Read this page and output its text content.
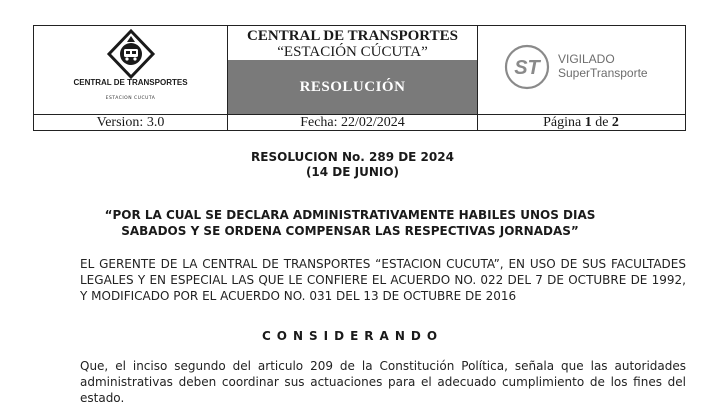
CENTRAL DE TRANSPORTES
ESTACION CUCUTA
CENTRAL DE TRANSPORTES
“ESTACIÓN CÚCUTA”
RESOLUCIÓN
ST VIGILADO
SuperTransporte
Version: 3.0	Fecha: 22/02/2024	Página 1 de 2
RESOLUCION No. 289 DE 2024
(14 DE JUNIO)
“POR LA CUAL SE DECLARA ADMINISTRATIVAMENTE HABILES UNOS DIAS
SABADOS Y SE ORDENA COMPENSAR LAS RESPECTIVAS JORNADAS”
EL GERENTE DE LA CENTRAL DE TRANSPORTES “ESTACION CUCUTA”, EN USO DE SUS FACULTADES LEGALES Y EN ESPECIAL LAS QUE LE CONFIERE EL ACUERDO NO. 022 DEL 7 DE OCTUBRE DE 1992, Y MODIFICADO POR EL ACUERDO NO. 031 DEL 13 DE OCTUBRE DE 2016
CONSIDERANDO
Que, el inciso segundo del articulo 209 de la Constitución Política, señala que las autoridades administrativas deben coordinar sus actuaciones para el adecuado cumplimiento de los fines del estado.
